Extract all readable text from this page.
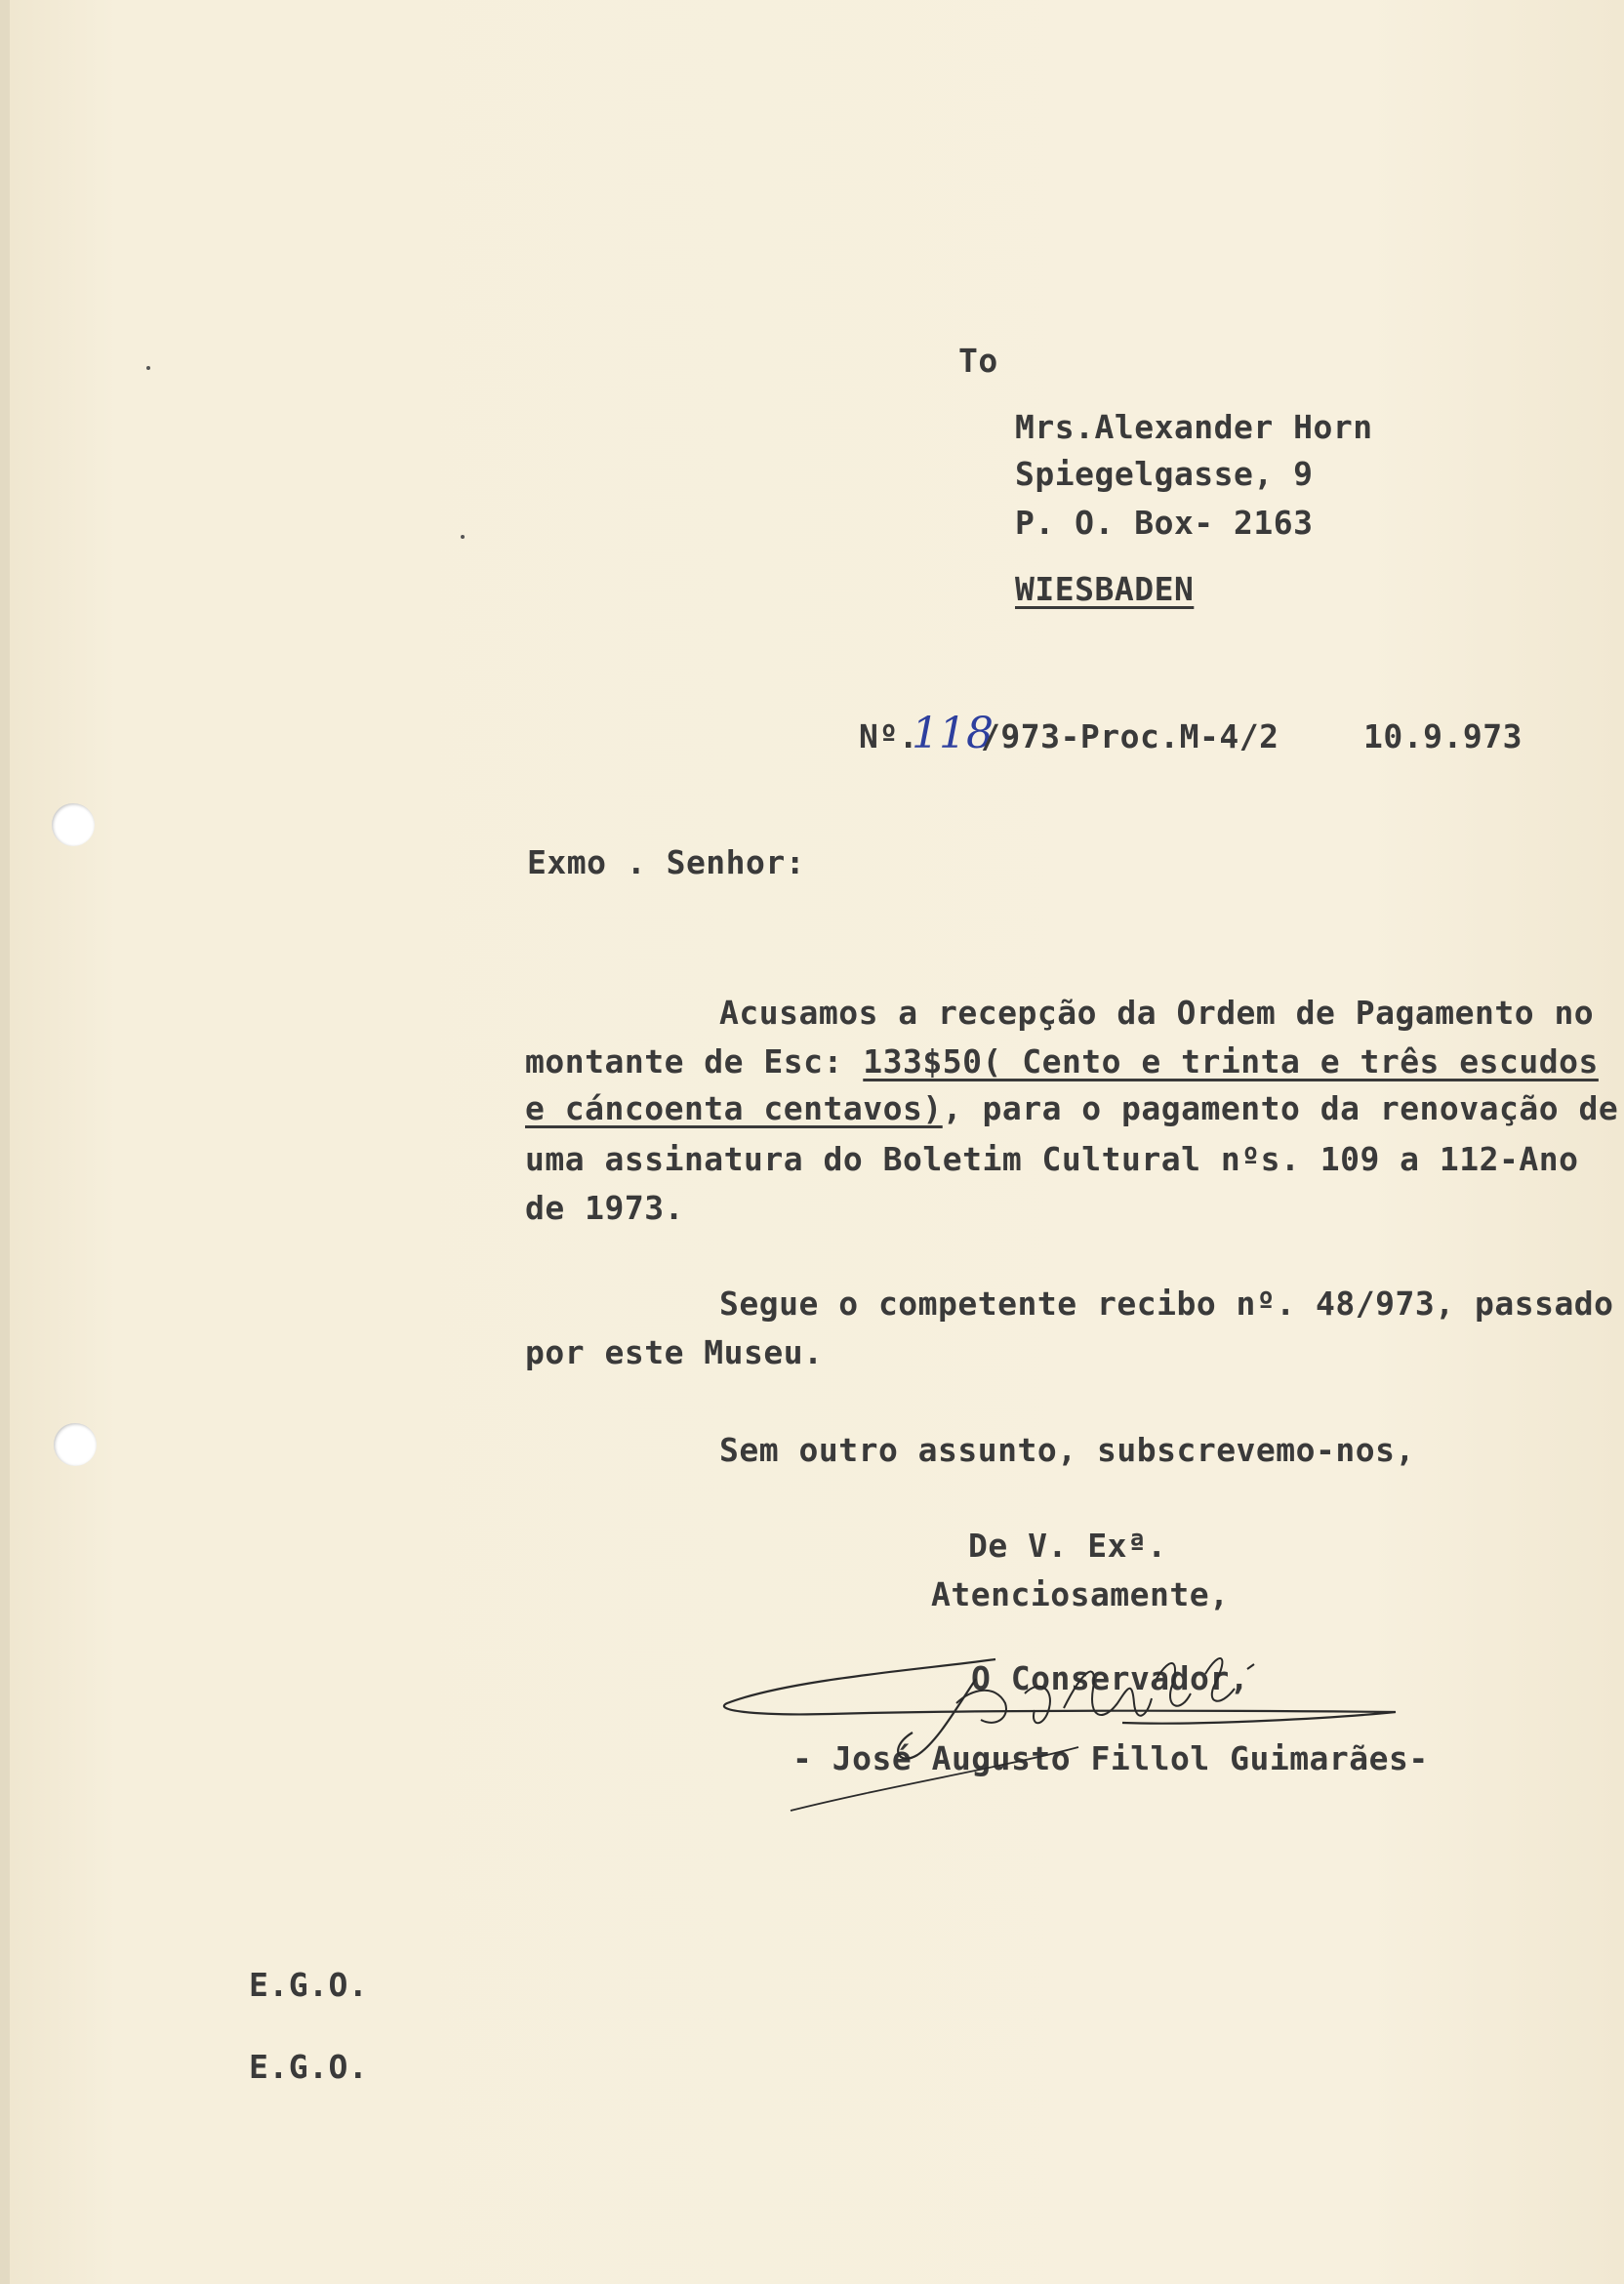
To
Mrs.Alexander Horn
Spiegelgasse, 9
P. O. Box- 2163
WIESBADEN
Nº.
118
/973-Proc.M-4/2	10.9.973
Exmo . Senhor:
Acusamos a recepção da Ordem de Pagamento no
montante de Esc: 133$50( Cento e trinta e três escudos
e cáncoenta centavos), para o pagamento da renovação de
uma assinatura do Boletim Cultural nºs. 109 a 112-Ano
de 1973.
Segue o competente recibo nº. 48/973, passado
por este Museu.
Sem outro assunto, subscrevemo-nos,
De V. Exª.
Atenciosamente,
O Conservador,
- José Augusto Fillol Guimarães-
E.G.O.
E.G.O.
